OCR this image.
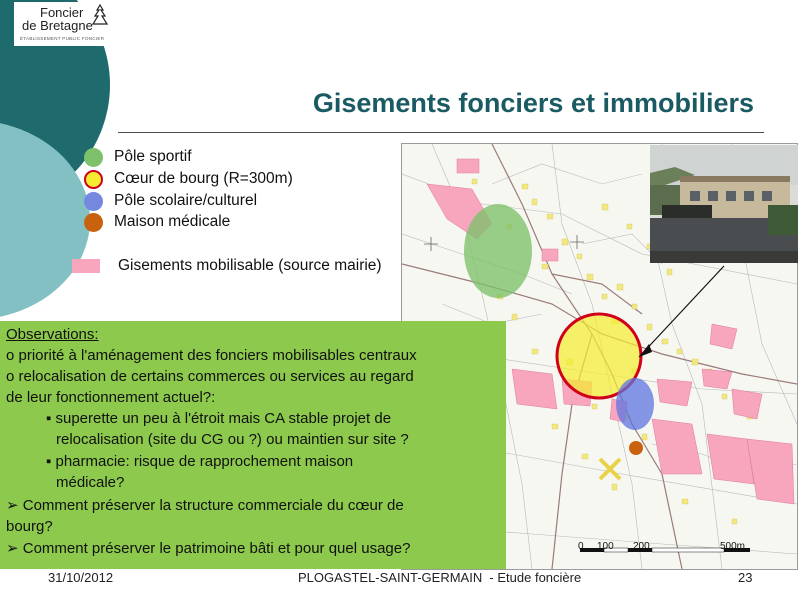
Foncier
de Bretagne
ÉTABLISSEMENT PUBLIC FONCIER
Gisements fonciers et immobiliers
Pôle sportif
Cœur de bourg (R=300m)
Pôle scolaire/culturel
Maison médicale
Gisements mobilisable (source mairie)
0 100 200	500m
Observations:
o priorité à l'aménagement des fonciers mobilisables centraux
o relocalisation de certains commerces ou services au regard
de leur fonctionnement actuel?:
▪ superette un peu à l'étroit mais CA stable projet de
relocalisation (site du CG ou ?) ou maintien sur site ?
▪ pharmacie: risque de rapprochement maison
médicale?
➢ Comment préserver la structure commerciale du cœur de
bourg?
➢ Comment préserver le patrimoine bâti et pour quel usage?
31/10/2012	PLOGASTEL-SAINT-GERMAIN  - Etude foncière	23
